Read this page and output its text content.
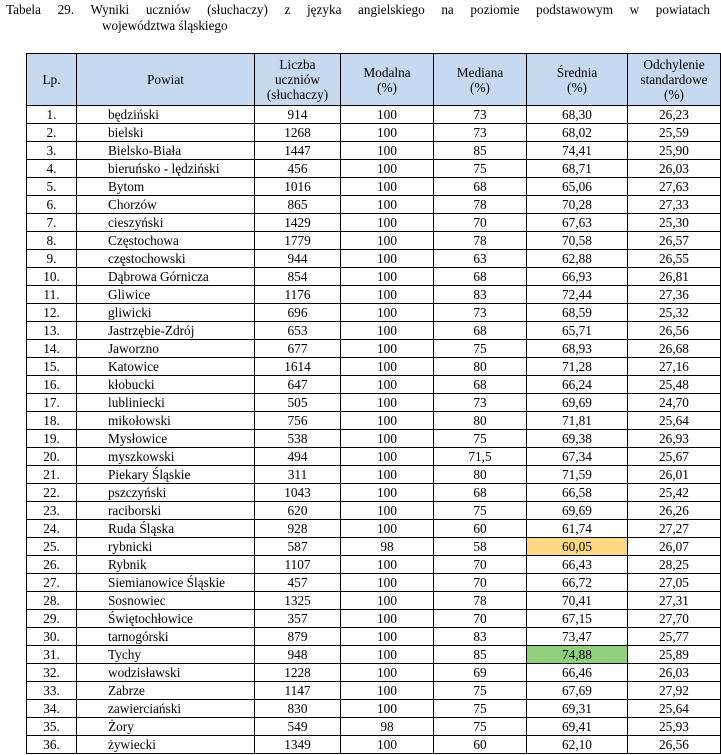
Tabela 29. Wyniki uczniów (słuchaczy) z języka angielskiego na poziomie podstawowym w powiatach
województwa śląskiego
Lp.	Powiat	Liczba
uczniów
(słuchaczy)	Modalna
(%)	Mediana
(%)	Średnia
(%)	Odchylenie
standardowe
(%)
1.	będziński	914	100	73	68,30	26,23
2.	bielski	1268	100	73	68,02	25,59
3.	Bielsko-Biała	1447	100	85	74,41	25,90
4.	bieruńsko - lędziński	456	100	75	68,71	26,03
5.	Bytom	1016	100	68	65,06	27,63
6.	Chorzów	865	100	78	70,28	27,33
7.	cieszyński	1429	100	70	67,63	25,30
8.	Częstochowa	1779	100	78	70,58	26,57
9.	częstochowski	944	100	63	62,88	26,55
10.	Dąbrowa Górnicza	854	100	68	66,93	26,81
11.	Gliwice	1176	100	83	72,44	27,36
12.	gliwicki	696	100	73	68,59	25,32
13.	Jastrzębie-Zdrój	653	100	68	65,71	26,56
14.	Jaworzno	677	100	75	68,93	26,68
15.	Katowice	1614	100	80	71,28	27,16
16.	kłobucki	647	100	68	66,24	25,48
17.	lubliniecki	505	100	73	69,69	24,70
18.	mikołowski	756	100	80	71,81	25,64
19.	Mysłowice	538	100	75	69,38	26,93
20.	myszkowski	494	100	71,5	67,34	25,67
21.	Piekary Śląskie	311	100	80	71,59	26,01
22.	pszczyński	1043	100	68	66,58	25,42
23.	raciborski	620	100	75	69,69	26,26
24.	Ruda Śląska	928	100	60	61,74	27,27
25.	rybnicki	587	98	58	60,05	26,07
26.	Rybnik	1107	100	70	66,43	28,25
27.	Siemianowice Śląskie	457	100	70	66,72	27,05
28.	Sosnowiec	1325	100	78	70,41	27,31
29.	Świętochłowice	357	100	70	67,15	27,70
30.	tarnogórski	879	100	83	73,47	25,77
31.	Tychy	948	100	85	74,88	25,89
32.	wodzisławski	1228	100	69	66,46	26,03
33.	Zabrze	1147	100	75	67,69	27,92
34.	zawierciański	830	100	75	69,31	25,64
35.	Żory	549	98	75	69,41	25,93
36.	żywiecki	1349	100	60	62,10	26,56
